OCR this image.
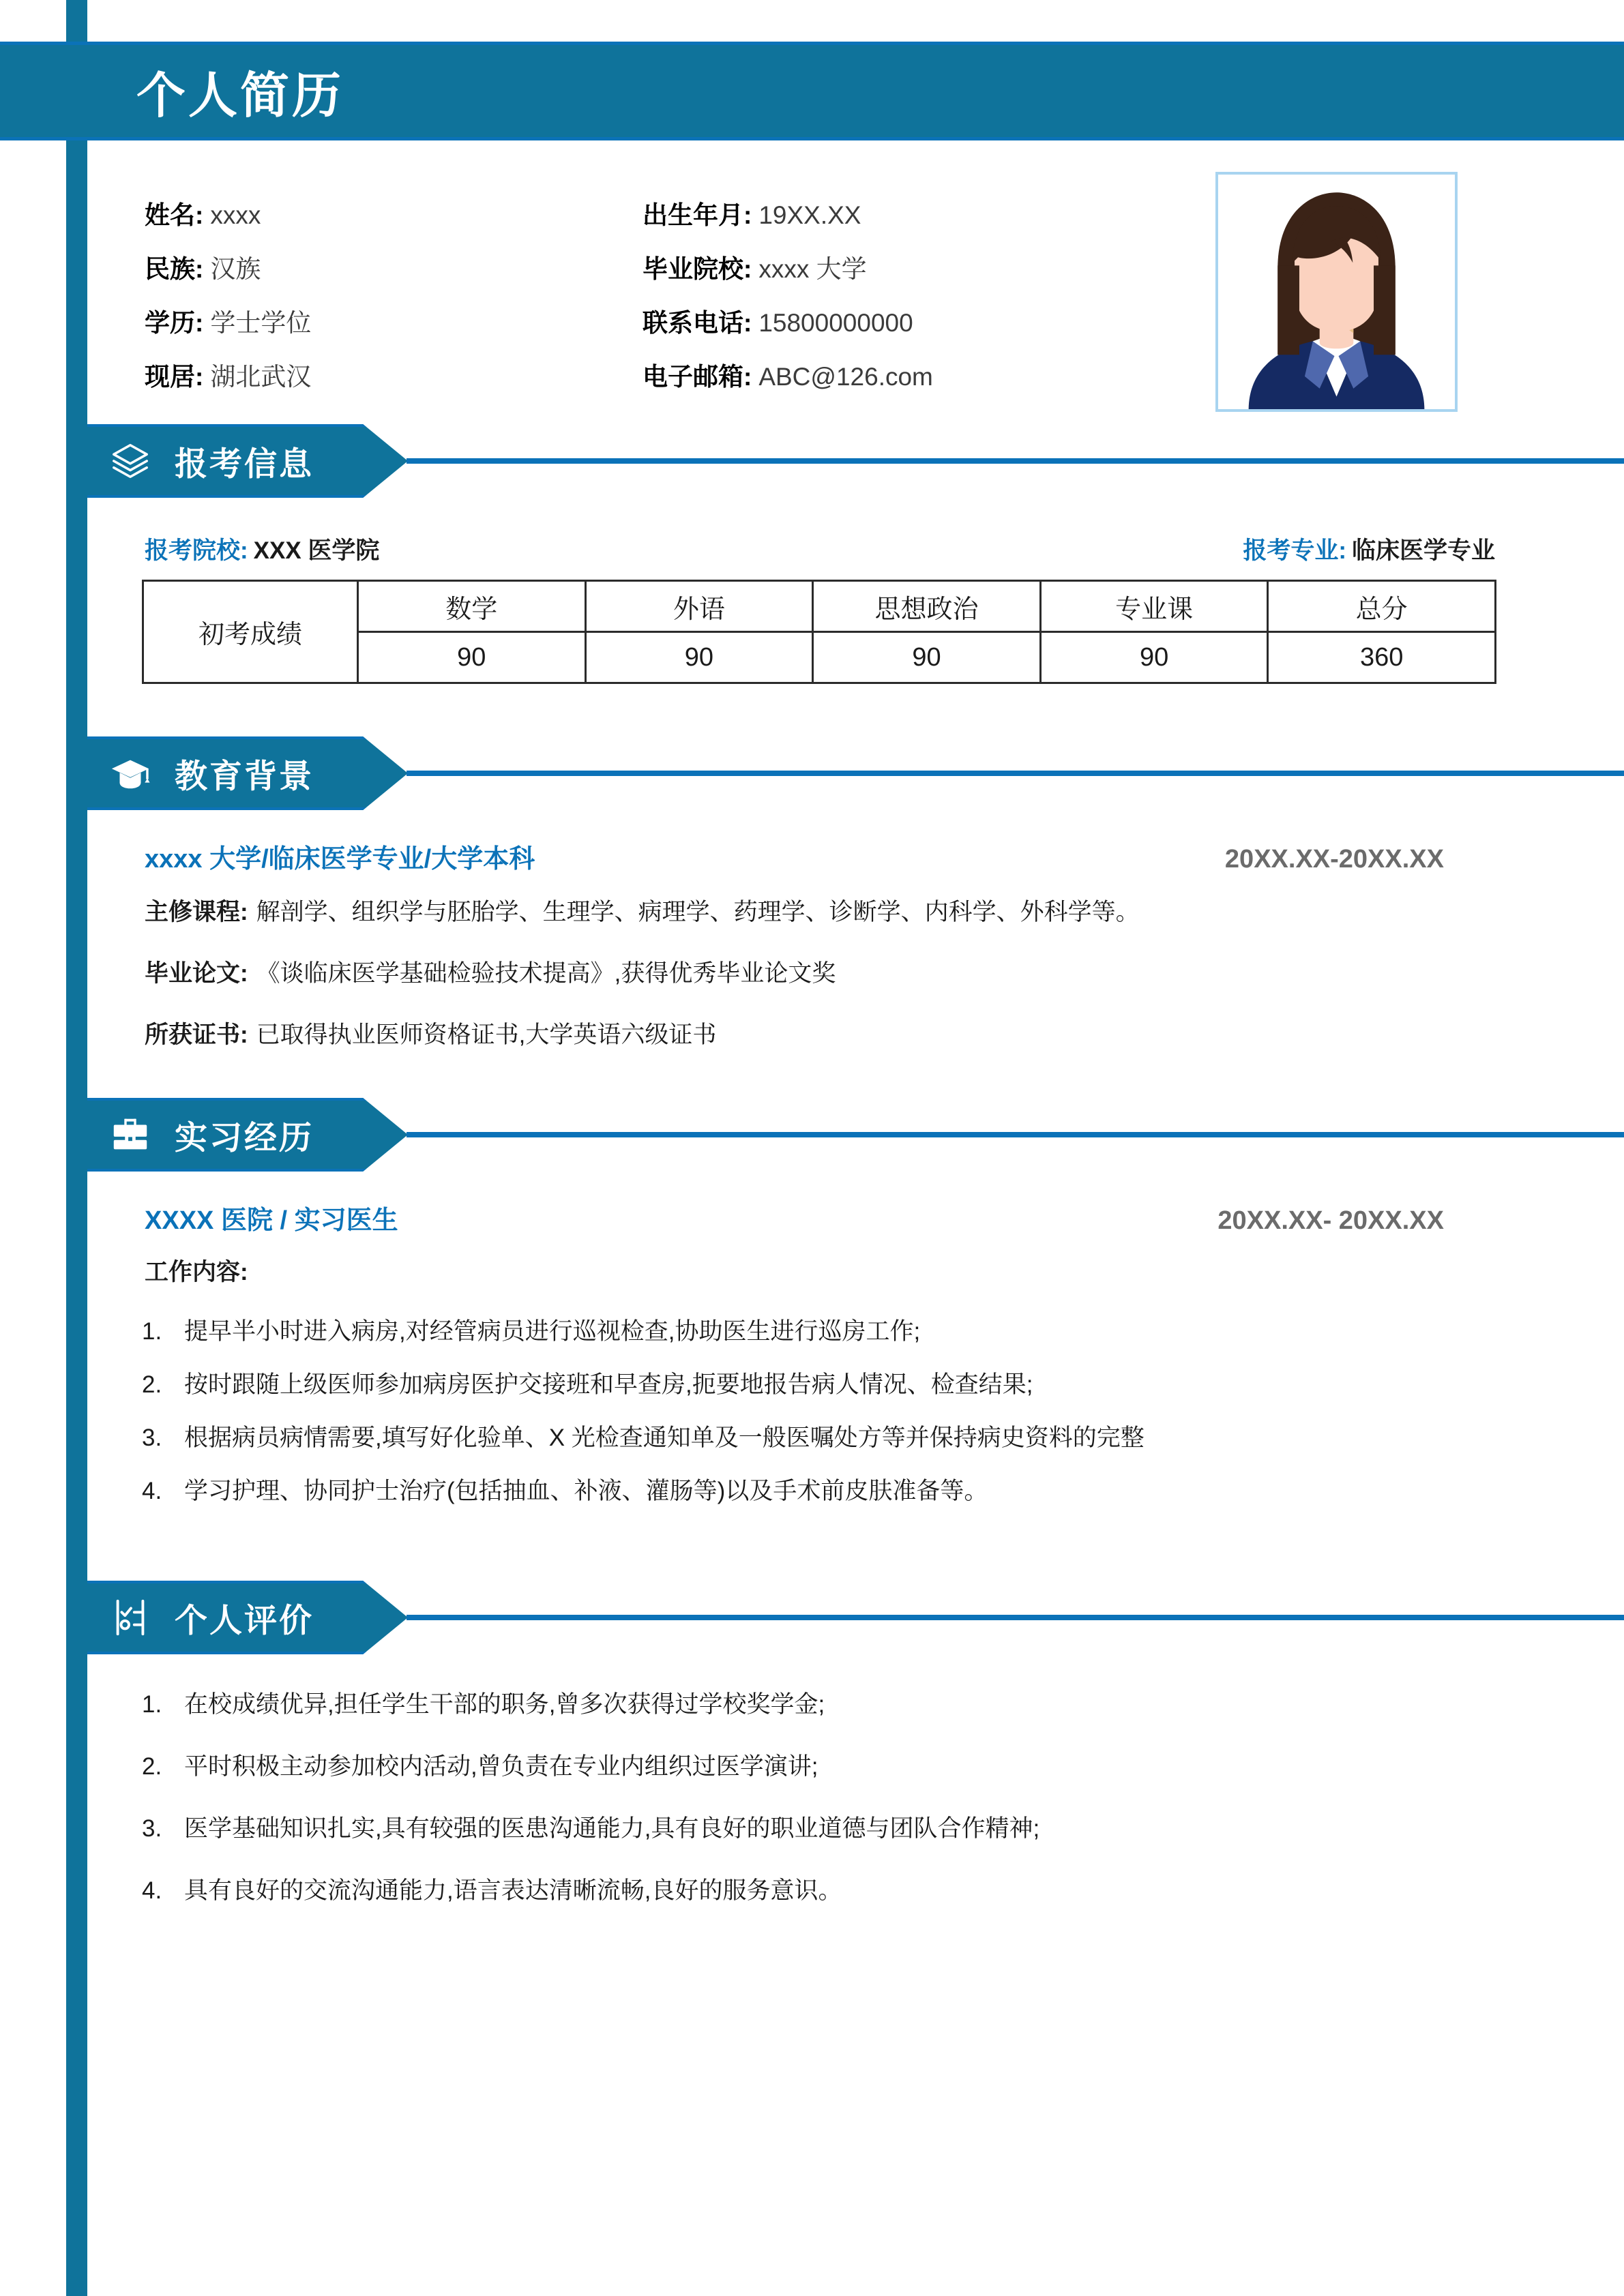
个人简历
姓名: xxxx	出生年月: 19XX.XX
民族: 汉族	毕业院校: xxxx 大学
学历: 学士学位	联系电话: 15800000000
现居: 湖北武汉	电子邮箱: ABC@126.com
报考信息
报考院校: XXX 医学院	报考专业: 临床医学专业
初考成绩	数学	外语	思想政治	专业课	总分
	90	90	90	90	360
教育背景
xxxx 大学/临床医学专业/大学本科	20XX.XX-20XX.XX
主修课程: 解剖学、组织学与胚胎学、生理学、病理学、药理学、诊断学、内科学、外科学等。
毕业论文: 《谈临床医学基础检验技术提高》,获得优秀毕业论文奖
所获证书: 已取得执业医师资格证书,大学英语六级证书
实习经历
XXXX 医院 / 实习医生	20XX.XX- 20XX.XX
工作内容:
1. 提早半小时进入病房,对经管病员进行巡视检查,协助医生进行巡房工作;
2. 按时跟随上级医师参加病房医护交接班和早查房,扼要地报告病人情况、检查结果;
3. 根据病员病情需要,填写好化验单、X 光检查通知单及一般医嘱处方等并保持病史资料的完整
4. 学习护理、协同护士治疗(包括抽血、补液、灌肠等)以及手术前皮肤准备等。
个人评价
1. 在校成绩优异,担任学生干部的职务,曾多次获得过学校奖学金;
2. 平时积极主动参加校内活动,曾负责在专业内组织过医学演讲;
3. 医学基础知识扎实,具有较强的医患沟通能力,具有良好的职业道德与团队合作精神;
4. 具有良好的交流沟通能力,语言表达清晰流畅,良好的服务意识。
